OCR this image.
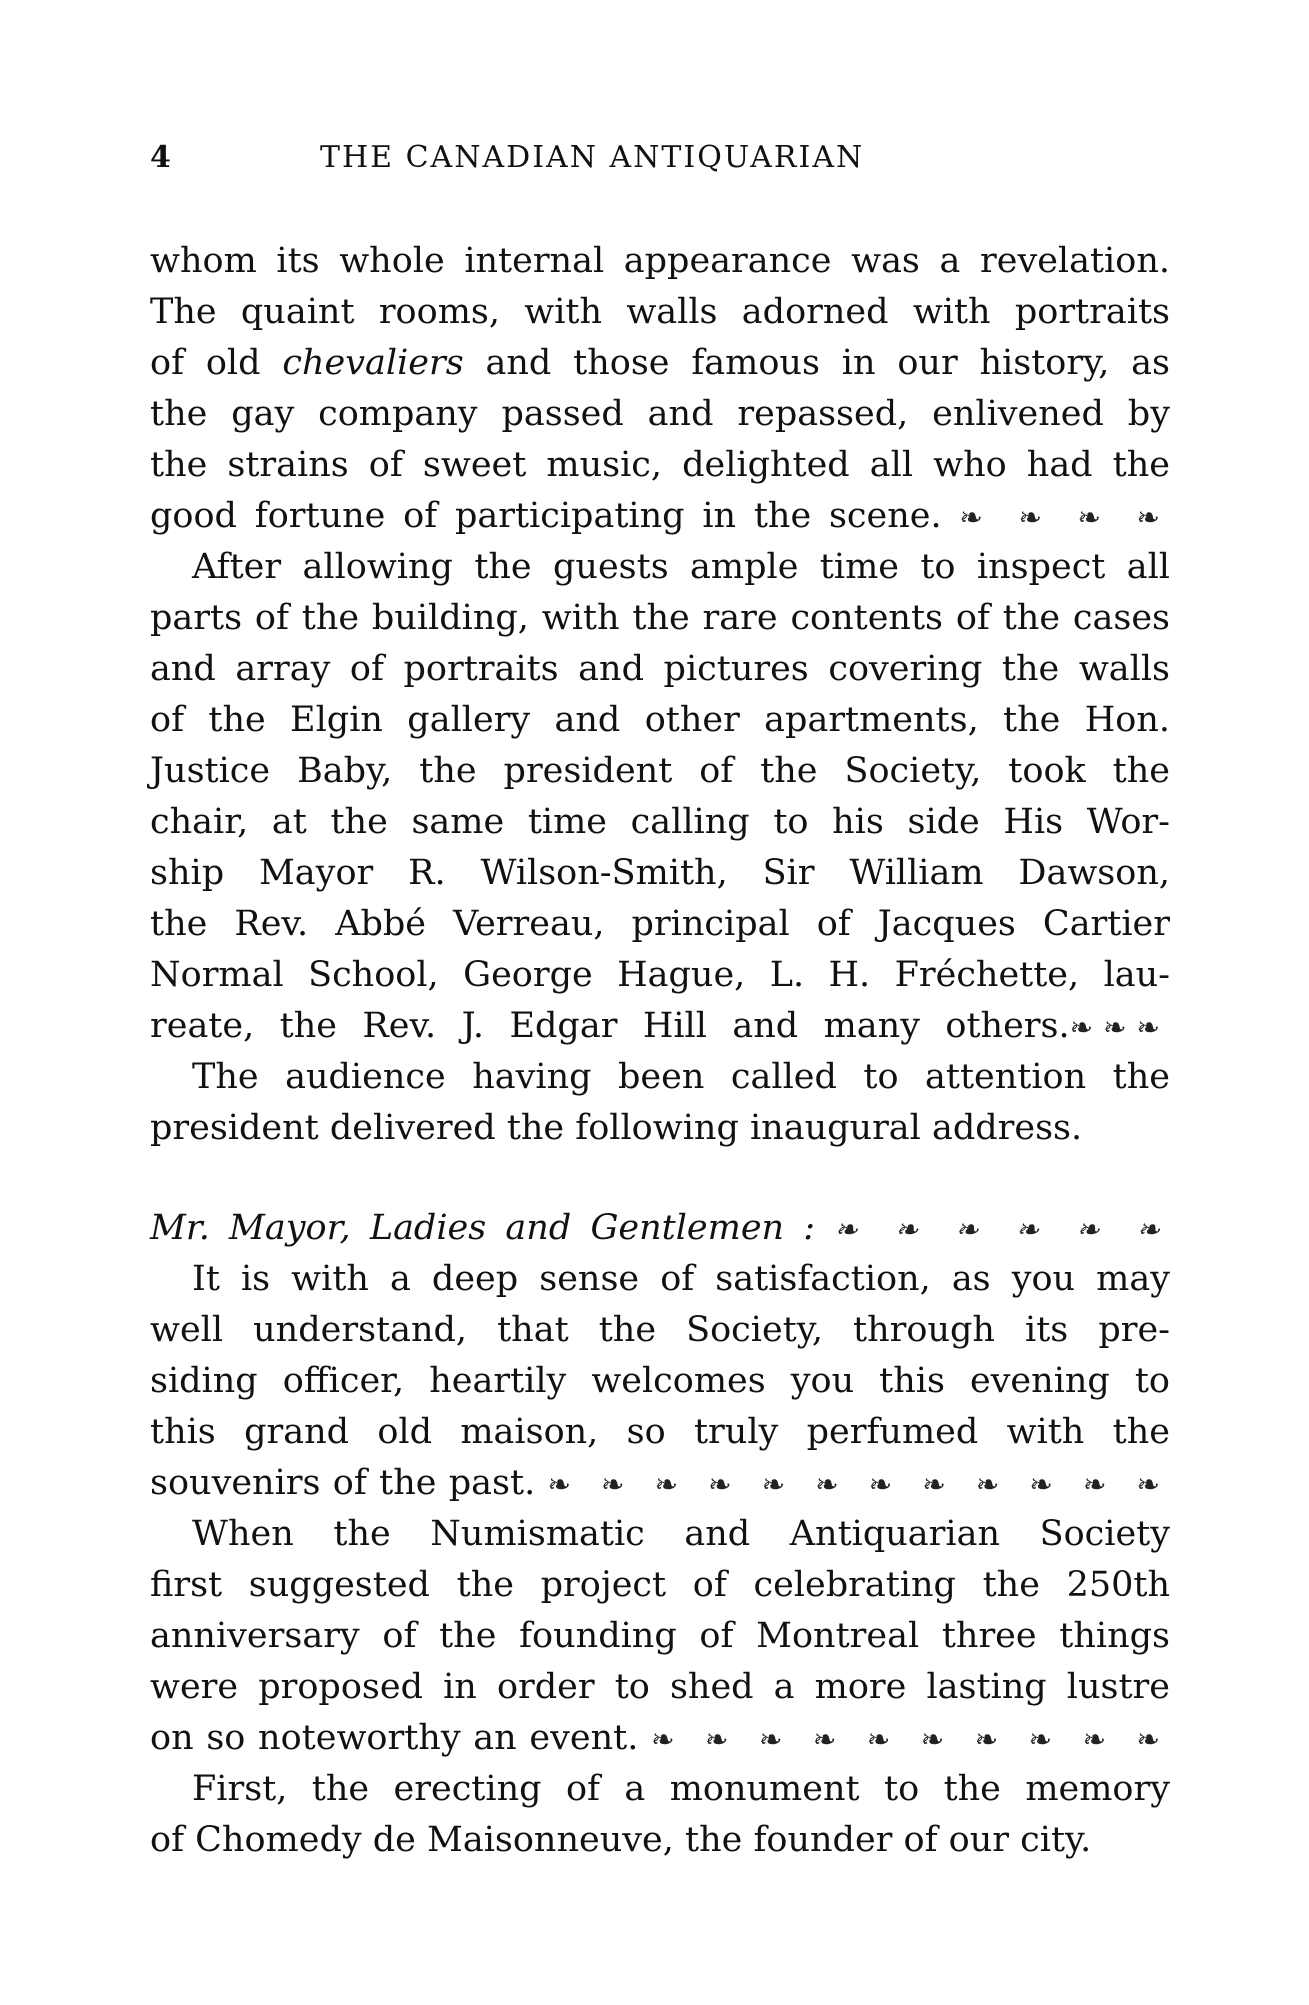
4	THE CANADIAN ANTIQUARIAN
whom its whole internal appearance was a revelation.
The quaint rooms, with walls adorned with portraits
of old chevaliers and those famous in our history, as
the gay company passed and repassed, enlivened by
the strains of sweet music, delighted all who had the
good fortune of participating in the scene. ❧ ❧ ❧ ❧
After allowing the guests ample time to inspect all
parts of the building, with the rare contents of the cases
and array of portraits and pictures covering the walls
of the Elgin gallery and other apartments, the Hon.
Justice Baby, the president of the Society, took the
chair, at the same time calling to his side His Wor-
ship Mayor R. Wilson-Smith, Sir William Dawson,
the Rev. Abbé Verreau, principal of Jacques Cartier
Normal School, George Hague, L. H. Fréchette, lau-
reate, the Rev. J. Edgar Hill and many others.❧❧❧
The audience having been called to attention the
president delivered the following inaugural address.
Mr. Mayor, Ladies and Gentlemen : ❧ ❧ ❧ ❧ ❧ ❧
It is with a deep sense of satisfaction, as you may
well understand, that the Society, through its pre-
siding officer, heartily welcomes you this evening to
this grand old maison, so truly perfumed with the
souvenirs of the past. ❧ ❧ ❧ ❧ ❧ ❧ ❧ ❧ ❧ ❧ ❧ ❧
When the Numismatic and Antiquarian Society
first suggested the project of celebrating the 250th
anniversary of the founding of Montreal three things
were proposed in order to shed a more lasting lustre
on so noteworthy an event. ❧ ❧ ❧ ❧ ❧ ❧ ❧ ❧ ❧ ❧
First, the erecting of a monument to the memory
of Chomedy de Maisonneuve, the founder of our city.
